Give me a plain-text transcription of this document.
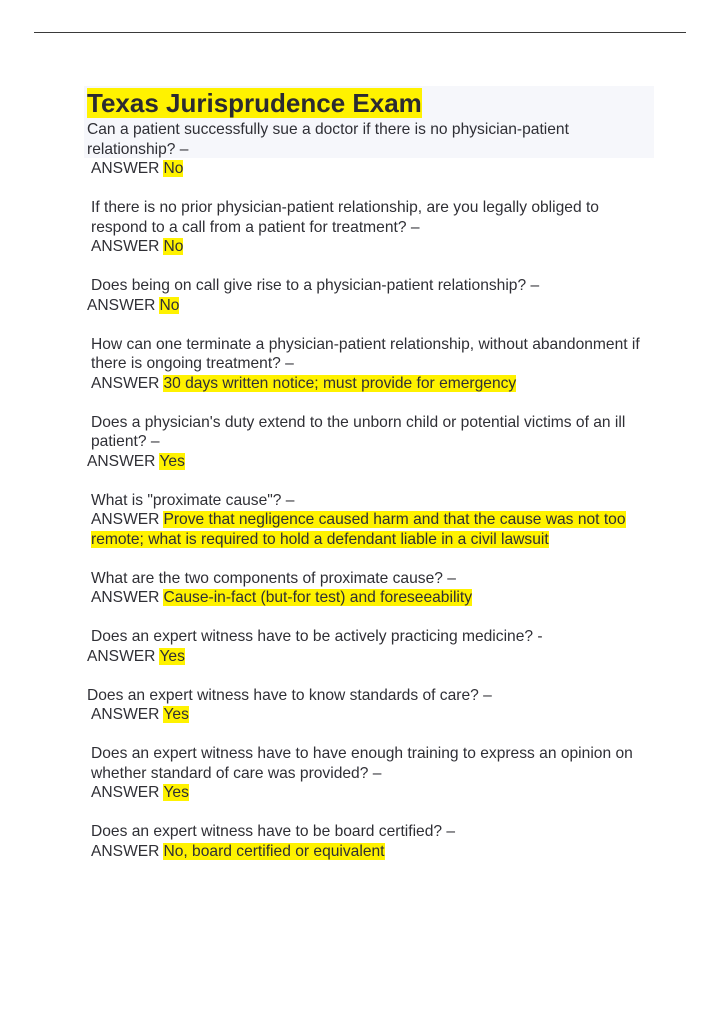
Texas Jurisprudence Exam
Can a patient successfully sue a doctor if there is no physician-patient relationship? –
ANSWER No
If there is no prior physician-patient relationship, are you legally obliged to respond to a call from a patient for treatment? –
ANSWER No
Does being on call give rise to a physician-patient relationship? –
ANSWER No
How can one terminate a physician-patient relationship, without abandonment if there is ongoing treatment? –
ANSWER 30 days written notice; must provide for emergency
Does a physician's duty extend to the unborn child or potential victims of an ill patient? –
ANSWER Yes
What is "proximate cause"? –
ANSWER Prove that negligence caused harm and that the cause was not too remote; what is required to hold a defendant liable in a civil lawsuit
What are the two components of proximate cause? –
ANSWER Cause-in-fact (but-for test) and foreseeability
Does an expert witness have to be actively practicing medicine? -
ANSWER Yes
Does an expert witness have to know standards of care? –
ANSWER Yes
Does an expert witness have to have enough training to express an opinion on whether standard of care was provided? –
ANSWER Yes
Does an expert witness have to be board certified? –
ANSWER No, board certified or equivalent
